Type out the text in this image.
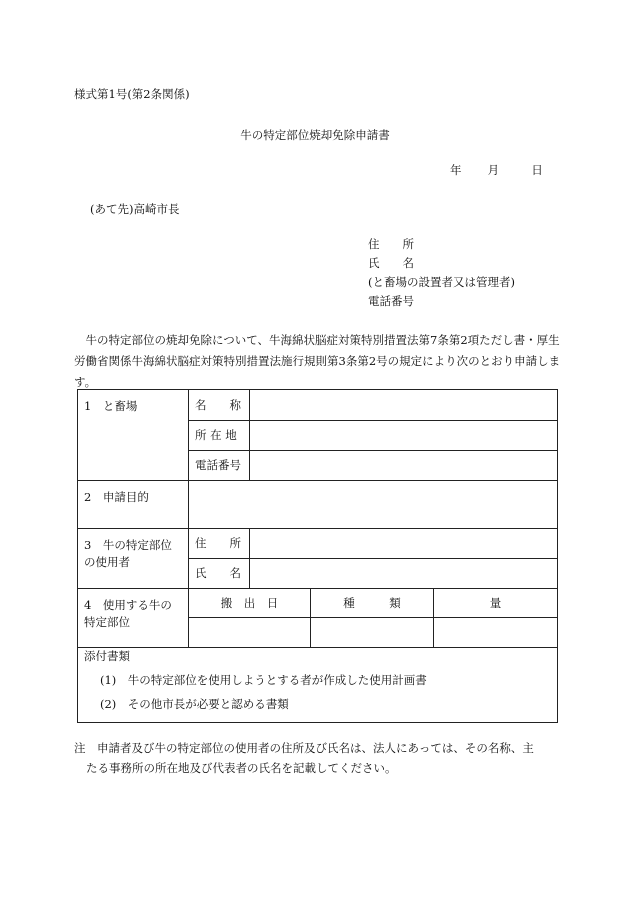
様式第1号(第2条関係)
牛の特定部位焼却免除申請書
年 月	日
(あて先)高崎市長
住　　所
氏　　名
(と畜場の設置者又は管理者)
電話番号
　牛の特定部位の焼却免除について、牛海綿状脳症対策特別措置法第7条第2項ただし書・厚生労働省関係牛海綿状脳症対策特別措置法施行規則第3条第2号の規定により次のとおり申請します。
1　と畜場	名　　称			
	所 在 地			
	電話番号			
2　申請目的				
3　牛の特定部位の使用者	住　　所			
	氏　　名			
4　使用する牛の特定部位	搬　出　日		種　　　類	量

添付書類
(1)　牛の特定部位を使用しようとする者が作成した使用計画書
(2)　その他市長が必要と認める書類				
注　申請者及び牛の特定部位の使用者の住所及び氏名は、法人にあっては、その名称、主
たる事務所の所在地及び代表者の氏名を記載してください。
